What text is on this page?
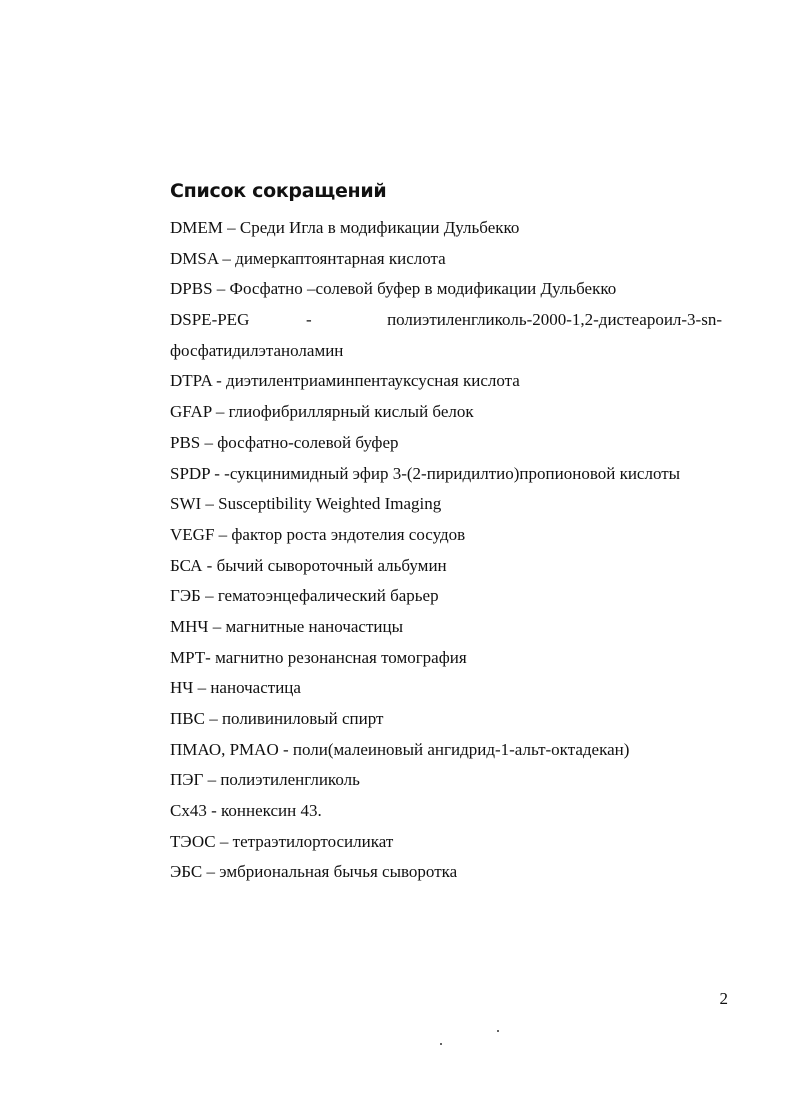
Список сокращений
DMEM – Среди Игла в модификации Дульбекко
DMSA – димеркаптоянтарная кислота
DPBS – Фосфатно –солевой буфер в модификации Дульбекко
DSPE-PEG	-	полиэтиленгликоль-2000-1,2-дистеароил-3-sn-
фосфатидилэтаноламин
DTPA - диэтилентриаминпентауксусная кислота
GFAP – глиофибриллярный кислый белок
PBS – фосфатно-солевой буфер
SPDP - -сукцинимидный эфир 3-(2-пиридилтио)пропионовой кислоты
SWI – Susceptibility Weighted Imaging
VEGF – фактор роста эндотелия сосудов
БСА - бычий сывороточный альбумин
ГЭБ – гематоэнцефалический барьер
МНЧ – магнитные наночастицы
МРТ- магнитно резонансная томография
НЧ – наночастица
ПВС – поливиниловый спирт
ПМАО, PMAO - поли(малеиновый ангидрид-1-альт-октадекан)
ПЭГ – полиэтиленгликоль
Cx43 - коннексин 43.
ТЭОС – тетраэтилортосиликат
ЭБС – эмбриональная бычья сыворотка
2
